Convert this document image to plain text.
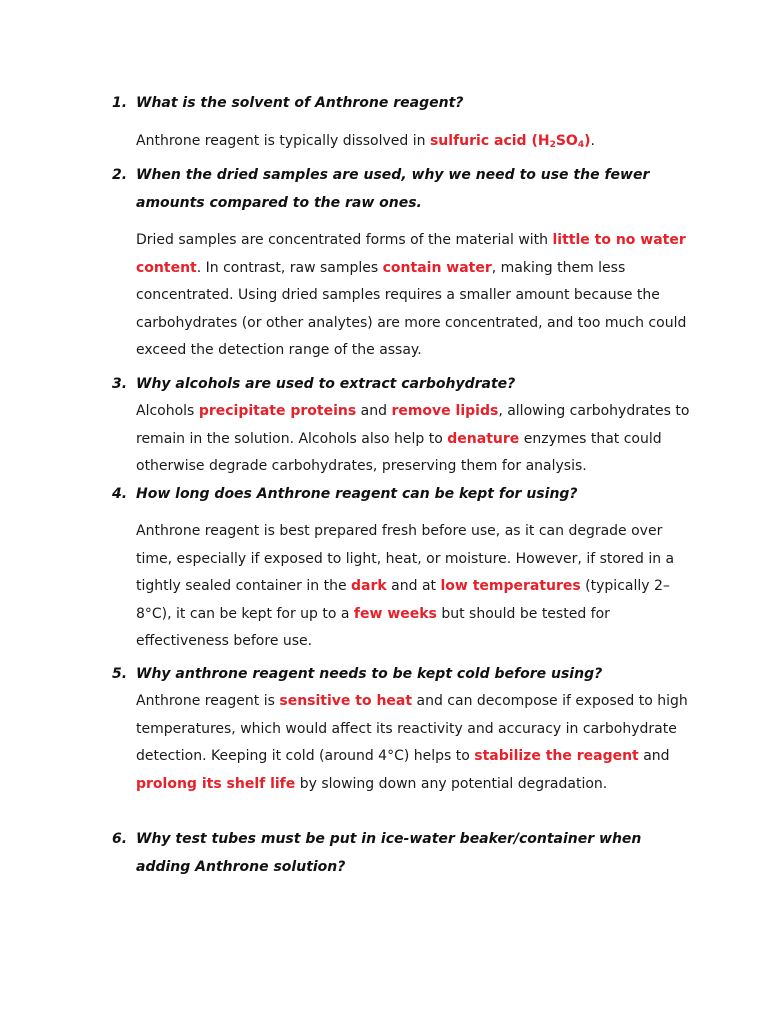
1. What is the solvent of Anthrone reagent?
Anthrone reagent is typically dissolved in sulfuric acid $(H_2SO_4)$.
2. When the dried samples are used, why we need to use the fewer amounts compared to the raw ones.
Dried samples are concentrated forms of the material with little to no water content. In contrast, raw samples contain water, making them less concentrated. Using dried samples requires a smaller amount because the carbohydrates (or other analytes) are more concentrated, and too much could exceed the detection range of the assay.
3. Why alcohols are used to extract carbohydrate?
Alcohols precipitate proteins and remove lipids, allowing carbohydrates to remain in the solution. Alcohols also help to denature enzymes that could otherwise degrade carbohydrates, preserving them for analysis.
4. How long does Anthrone reagent can be kept for using?
Anthrone reagent is best prepared fresh before use, as it can degrade over time, especially if exposed to light, heat, or moisture. However, if stored in a tightly sealed container in the dark and at low temperatures (typically 2–8°C), it can be kept for up to a few weeks but should be tested for effectiveness before use.
5. Why anthrone reagent needs to be kept cold before using?
Anthrone reagent is sensitive to heat and can decompose if exposed to high temperatures, which would affect its reactivity and accuracy in carbohydrate detection. Keeping it cold (around 4°C) helps to stabilize the reagent and prolong its shelf life by slowing down any potential degradation.
6. Why test tubes must be put in ice-water beaker/container when adding Anthrone solution?
